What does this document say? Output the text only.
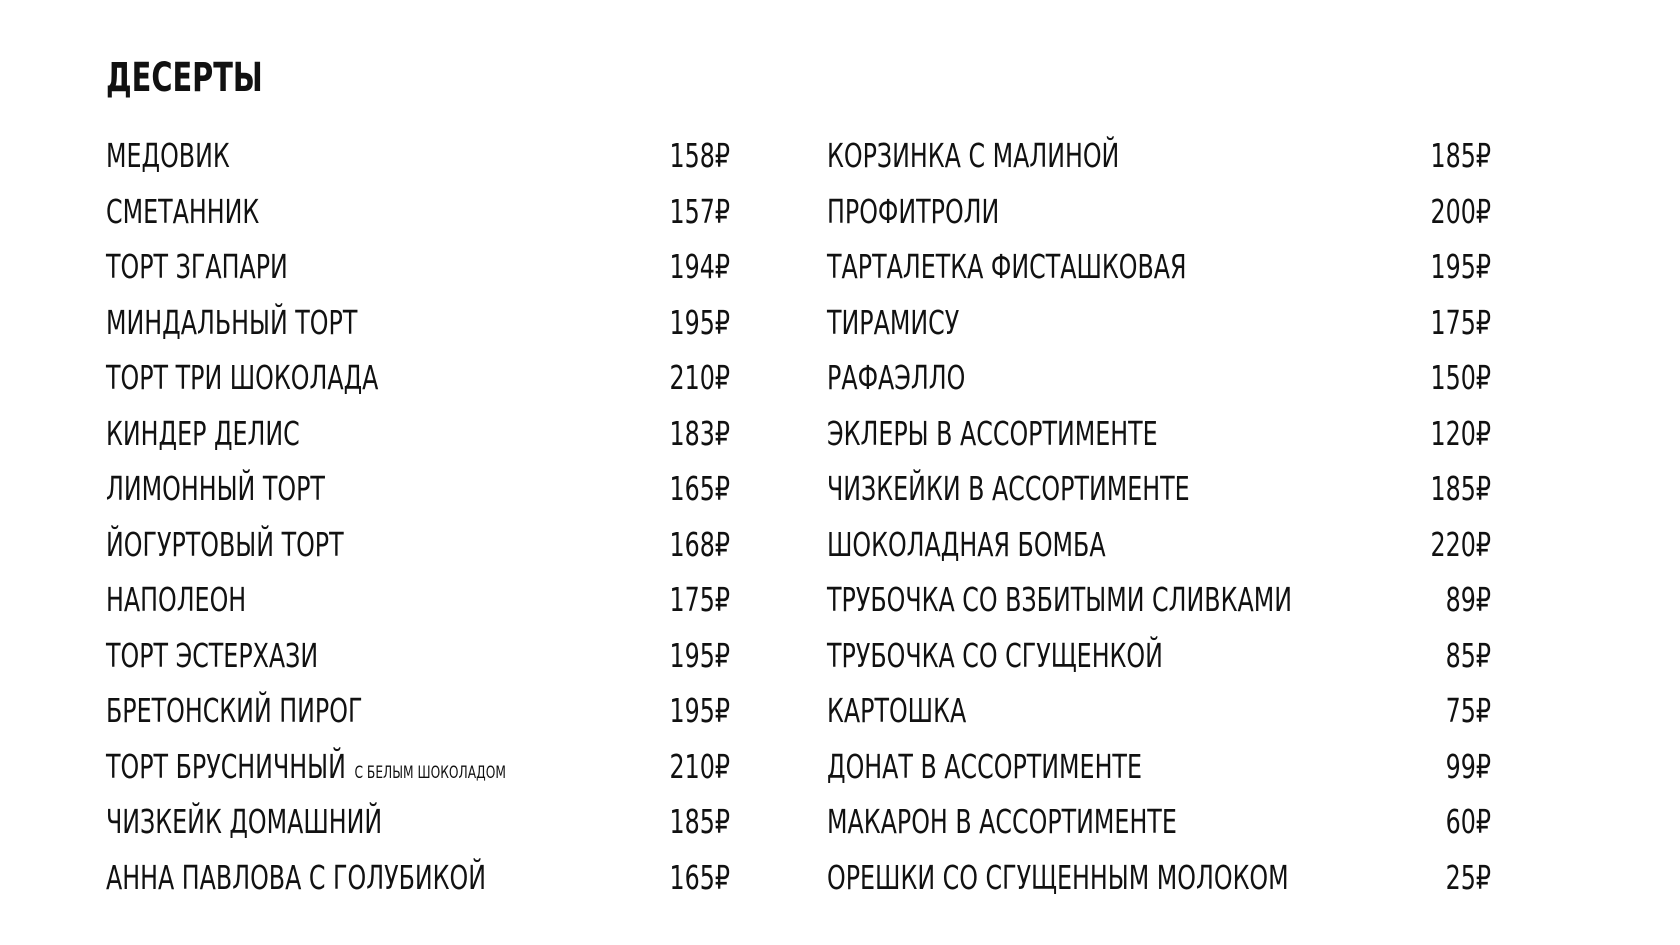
ДЕСЕРТЫ
МЕДОВИК	158₽
СМЕТАННИК	157₽
ТОРТ ЗГАПАРИ	194₽
МИНДАЛЬНЫЙ ТОРТ	195₽
ТОРТ ТРИ ШОКОЛАДА	210₽
КИНДЕР ДЕЛИС	183₽
ЛИМОННЫЙ ТОРТ	165₽
ЙОГУРТОВЫЙ ТОРТ	168₽
НАПОЛЕОН	175₽
ТОРТ ЭСТЕРХАЗИ	195₽
БРЕТОНСКИЙ ПИРОГ	195₽
ТОРТ БРУСНИЧНЫЙ С БЕЛЫМ ШОКОЛАДОМ	210₽
ЧИЗКЕЙК ДОМАШНИЙ	185₽
АННА ПАВЛОВА С ГОЛУБИКОЙ	165₽
КОРЗИНКА С МАЛИНОЙ	185₽
ПРОФИТРОЛИ	200₽
ТАРТАЛЕТКА ФИСТАШКОВАЯ	195₽
ТИРАМИСУ	175₽
РАФАЭЛЛО	150₽
ЭКЛЕРЫ В АССОРТИМЕНТЕ	120₽
ЧИЗКЕЙКИ В АССОРТИМЕНТЕ	185₽
ШОКОЛАДНАЯ БОМБА	220₽
ТРУБОЧКА СО ВЗБИТЫМИ СЛИВКАМИ	89₽
ТРУБОЧКА СО СГУЩЕНКОЙ	85₽
КАРТОШКА	75₽
ДОНАТ В АССОРТИМЕНТЕ	99₽
МАКАРОН В АССОРТИМЕНТЕ	60₽
ОРЕШКИ СО СГУЩЕННЫМ МОЛОКОМ	25₽
